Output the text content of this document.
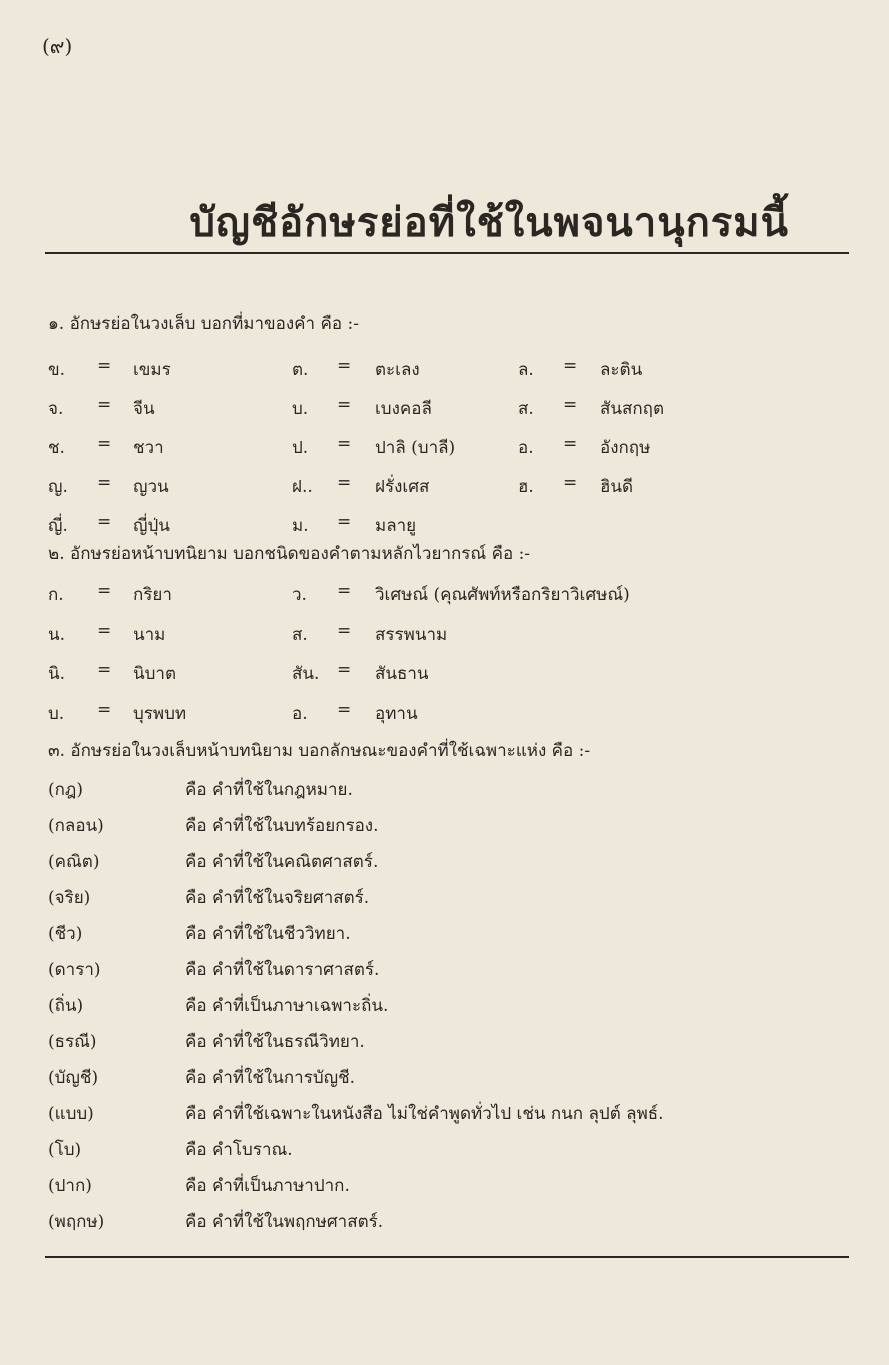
(๙)
บัญชีอักษรย่อที่ใช้ในพจนานุกรมนี้
๑. อักษรย่อในวงเล็บ บอกที่มาของคำ คือ :-
ข. = เขมร	ต. = ตะเลง	ล. = ละติน
จ. = จีน	บ. = เบงคอลี	ส. = สันสกฤต
ช. = ชวา	ป. = ปาลิ (บาลี)	อ. = อังกฤษ
ญ. = ญวน	ฝ.. = ฝรั่งเศส	ฮ. = ฮินดี
ญี่. = ญี่ปุ่น	ม. = มลายู
๒. อักษรย่อหน้าบทนิยาม บอกชนิดของคำตามหลักไวยากรณ์ คือ :-
ก. = กริยา	ว. = วิเศษณ์ (คุณศัพท์หรือกริยาวิเศษณ์)
น. = นาม	ส. = สรรพนาม
นิ. = นิบาต	สัน. = สันธาน
บ. = บุรพบท	อ. = อุทาน
๓. อักษรย่อในวงเล็บหน้าบทนิยาม บอกลักษณะของคำที่ใช้เฉพาะแห่ง คือ :-
(กฎ)	คือ คำที่ใช้ในกฎหมาย.
(กลอน)	คือ คำที่ใช้ในบทร้อยกรอง.
(คณิต)	คือ คำที่ใช้ในคณิตศาสตร์.
(จริย)	คือ คำที่ใช้ในจริยศาสตร์.
(ชีว)	คือ คำที่ใช้ในชีววิทยา.
(ดารา)	คือ คำที่ใช้ในดาราศาสตร์.
(ถิ่น)	คือ คำที่เป็นภาษาเฉพาะถิ่น.
(ธรณี)	คือ คำที่ใช้ในธรณีวิทยา.
(บัญชี)	คือ คำที่ใช้ในการบัญชี.
(แบบ)	คือ คำที่ใช้เฉพาะในหนังสือ ไม่ใช่คำพูดทั่วไป เช่น กนก ลุปต์ ลุพธ์.
(โบ)	คือ คำโบราณ.
(ปาก)	คือ คำที่เป็นภาษาปาก.
(พฤกษ)	คือ คำที่ใช้ในพฤกษศาสตร์.
